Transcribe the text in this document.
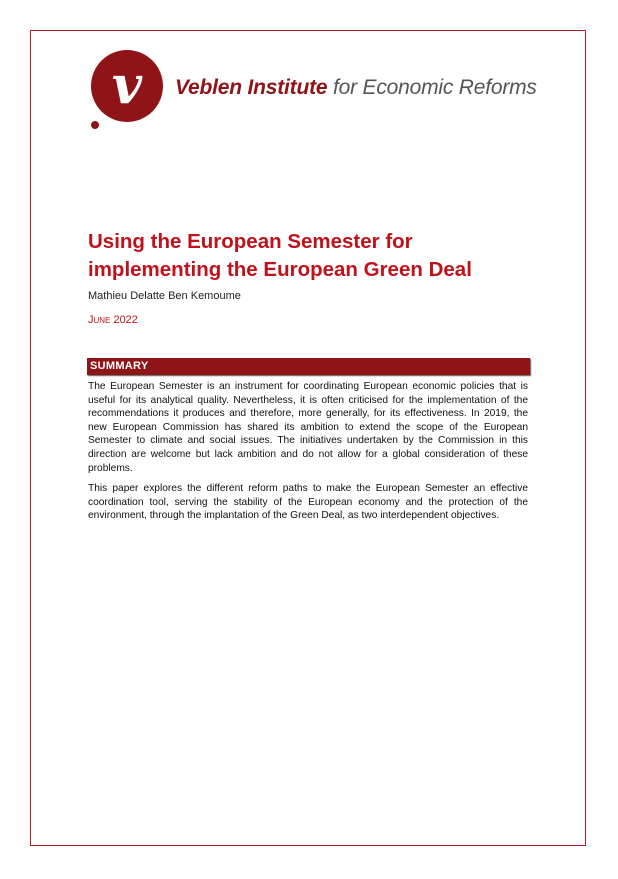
v Veblen Institute for Economic Reforms
Using the European Semester for
implementing the European Green Deal
Mathieu Delatte Ben Kemoume
June 2022
SUMMARY

The European Semester is an instrument for coordinating European economic policies that is useful for its analytical quality. Nevertheless, it is often criticised for the implementation of the recommendations it produces and therefore, more generally, for its effectiveness. In 2019, the new European Commission has shared its ambition to extend the scope of the European Semester to climate and social issues. The initiatives undertaken by the Commission in this direction are welcome but lack ambition and do not allow for a global consideration of these problems.

This paper explores the different reform paths to make the European Semester an effective coordination tool, serving the stability of the European economy and the protection of the environment, through the implantation of the Green Deal, as two interdependent objectives.
